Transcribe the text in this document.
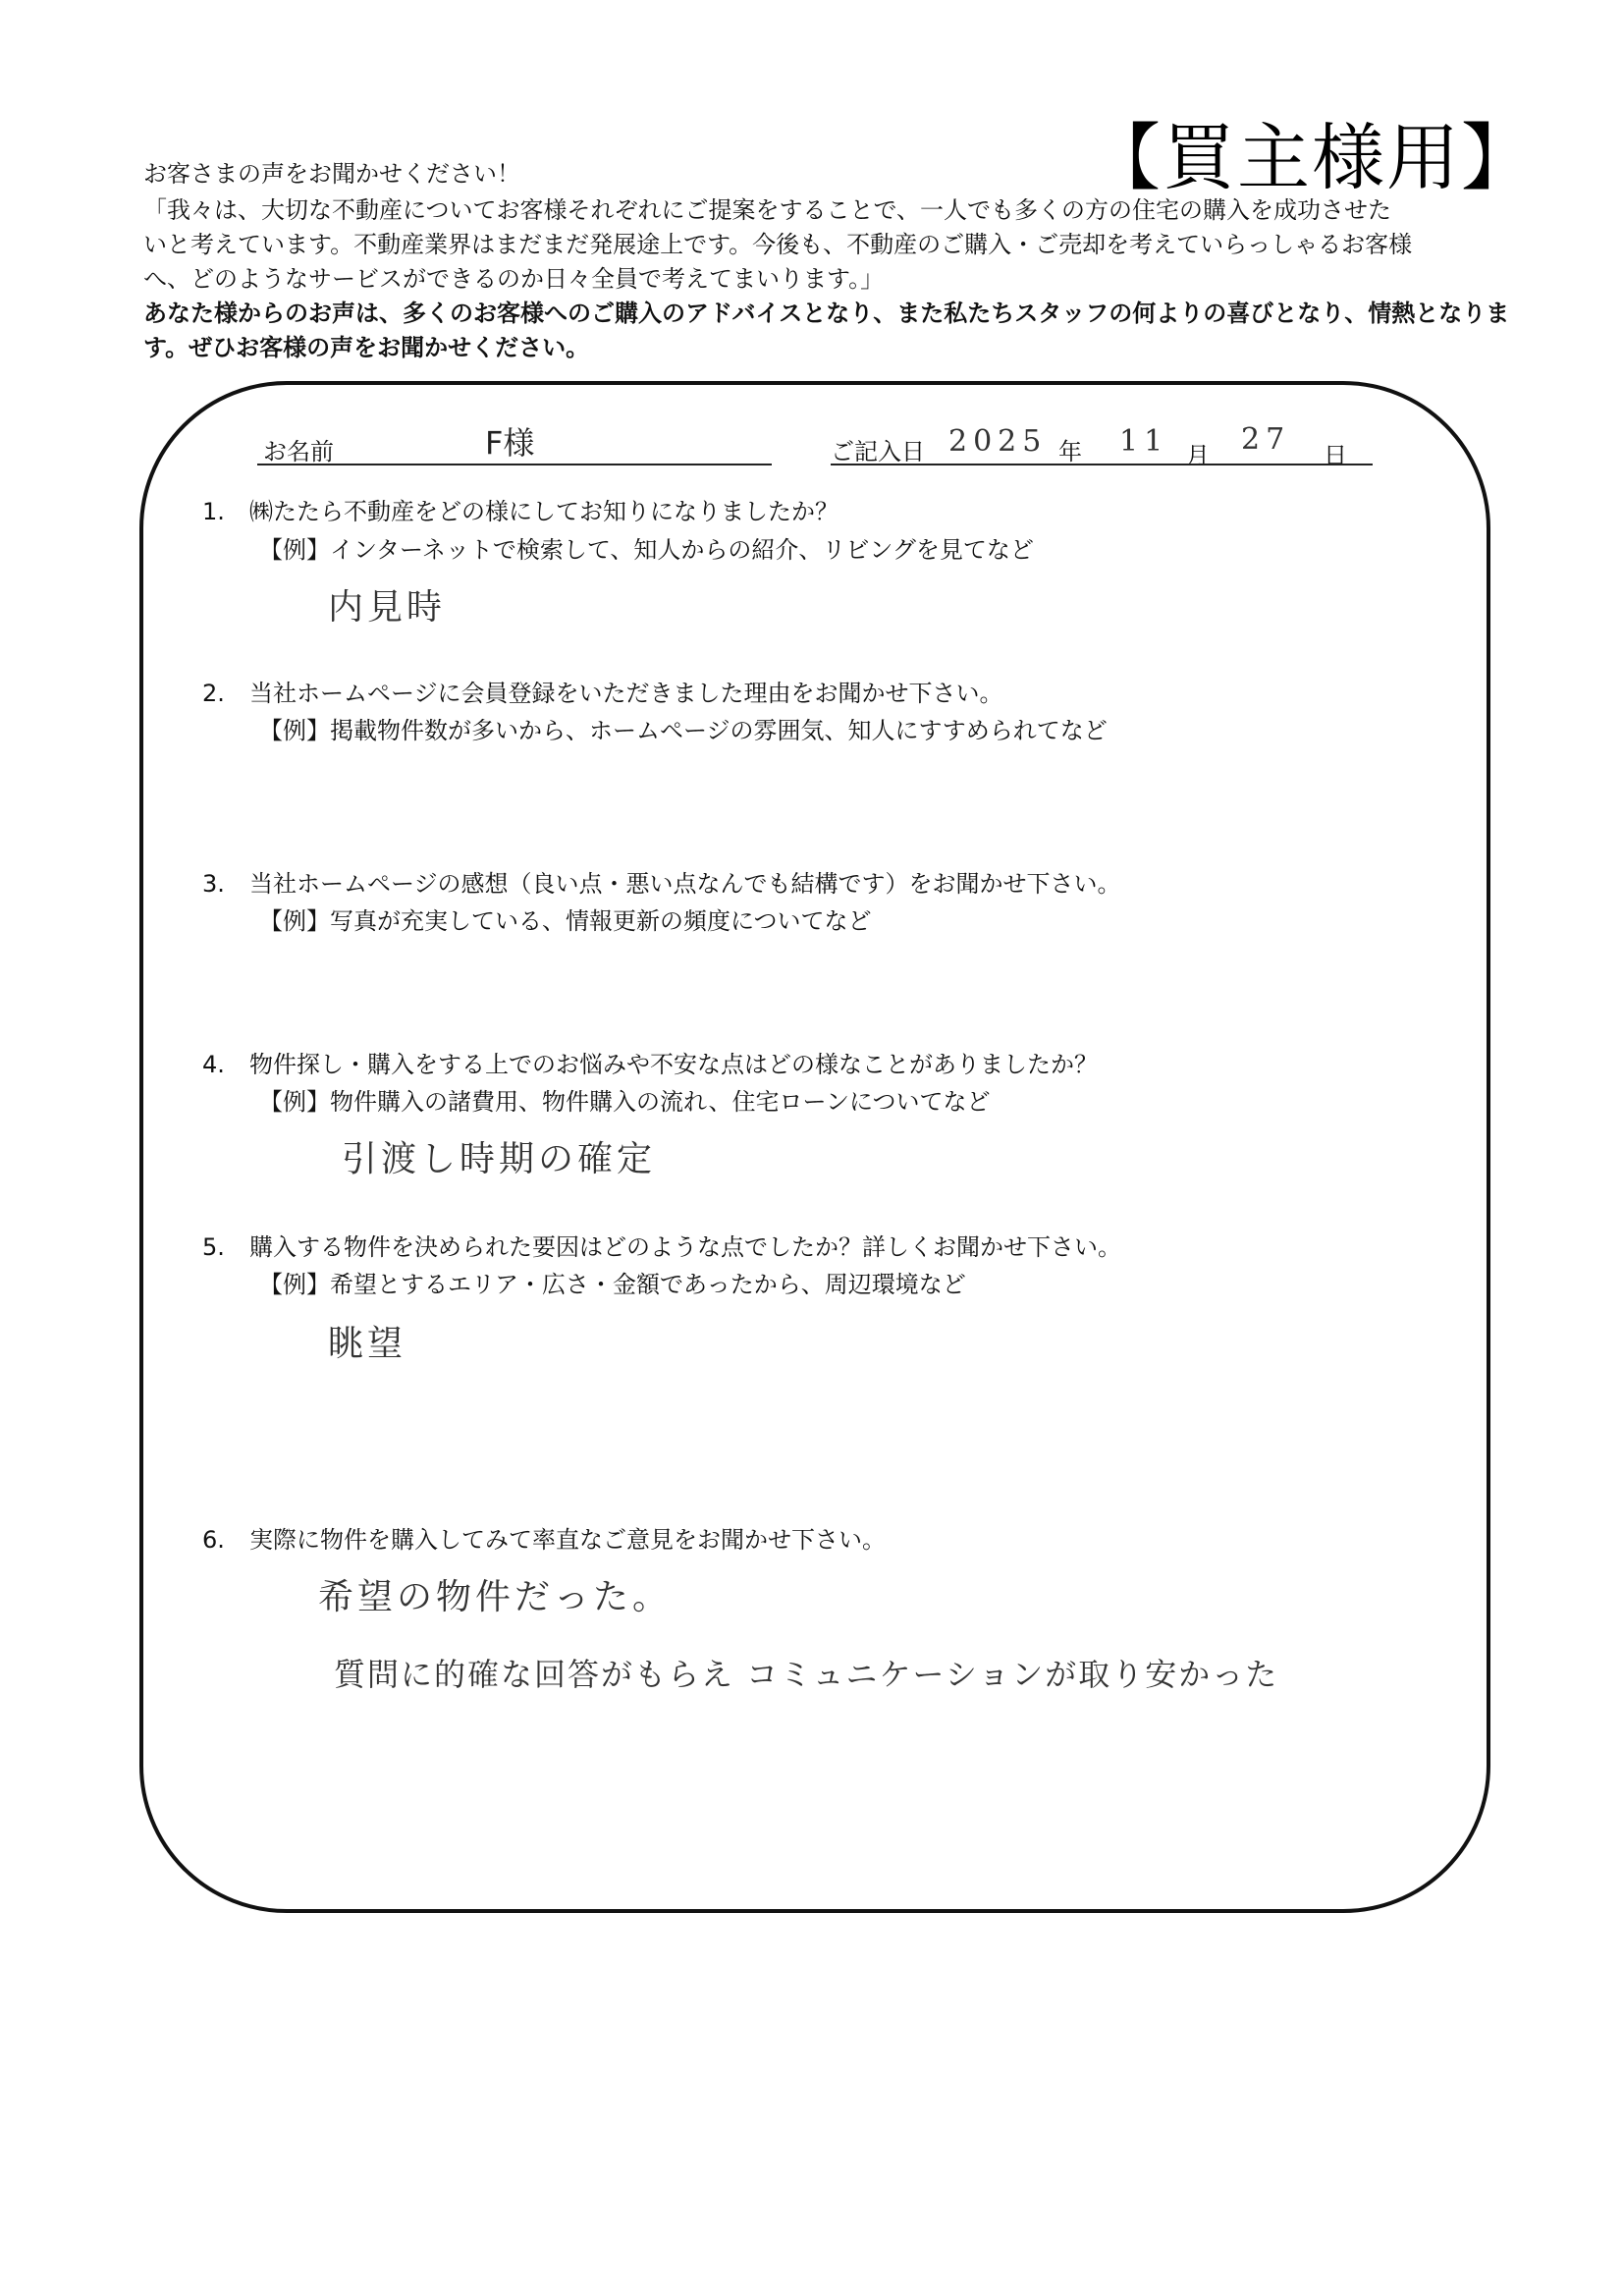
【買主様用】

お客さまの声をお聞かせください！

「我々は、大切な不動産についてお客様それぞれにご提案をすることで、一人でも多くの方の住宅の購入を成功させた

いと考えています。不動産業界はまだまだ発展途上です。今後も、不動産のご購入・ご売却を考えていらっしゃるお客様

へ、どのようなサービスができるのか日々全員で考えてまいります。」

あなた様からのお声は、多くのお客様へのご購入のアドバイスとなり、また私たちスタッフの何よりの喜びとなり、情熱となりま

す。ぜひお客様の声をお聞かせください。

お名前	F様	ご記入日 2025 年 11 月 27 日
1. ㈱たたら不動産をどの様にしてお知りになりましたか？
【例】インターネットで検索して、知人からの紹介、リビングを見てなど
内見時
2. 当社ホームページに会員登録をいただきました理由をお聞かせ下さい。
【例】掲載物件数が多いから、ホームページの雰囲気、知人にすすめられてなど
3. 当社ホームページの感想（良い点・悪い点なんでも結構です）をお聞かせ下さい。
【例】写真が充実している、情報更新の頻度についてなど
4. 物件探し・購入をする上でのお悩みや不安な点はどの様なことがありましたか？
【例】物件購入の諸費用、物件購入の流れ、住宅ローンについてなど
引渡し時期の確定
5. 購入する物件を決められた要因はどのような点でしたか？詳しくお聞かせ下さい。
【例】希望とするエリア・広さ・金額であったから、周辺環境など
眺望
6. 実際に物件を購入してみて率直なご意見をお聞かせ下さい。
希望の物件だった。
質問に的確な回答がもらえ コミュニケーションが取り安かった
